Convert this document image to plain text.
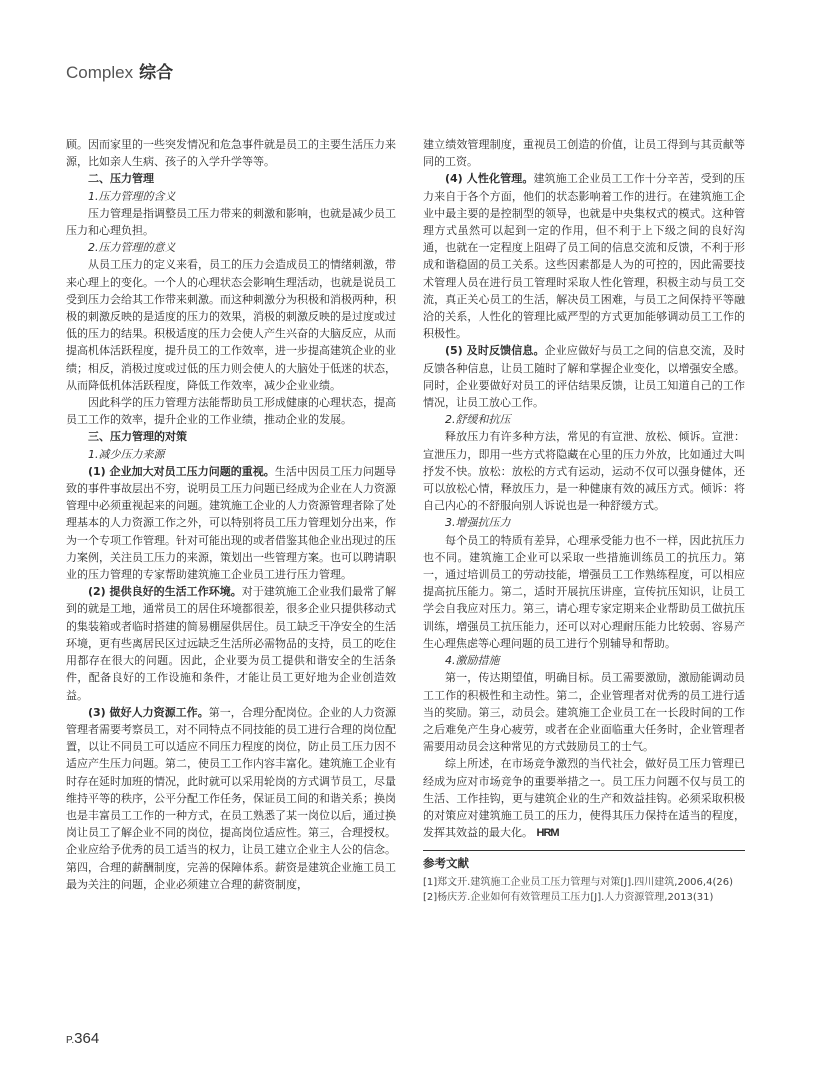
Complex 综合

顾。因而家里的一些突发情况和危急事件就是员工的主要生活压力来源，比如亲人生病、孩子的入学升学等等。

二、压力管理

1.压力管理的含义

压力管理是指调整员工压力带来的刺激和影响，也就是减少员工压力和心理负担。

2.压力管理的意义

从员工压力的定义来看，员工的压力会造成员工的情绪刺激，带来心理上的变化。一个人的心理状态会影响生理活动，也就是说员工受到压力会给其工作带来刺激。而这种刺激分为积极和消极两种，积极的刺激反映的是适度的压力的效果，消极的刺激反映的是过度或过低的压力的结果。积极适度的压力会使人产生兴奋的大脑反应，从而提高机体活跃程度，提升员工的工作效率，进一步提高建筑企业的业绩；相反，消极过度或过低的压力则会使人的大脑处于低迷的状态，从而降低机体活跃程度，降低工作效率，减少企业业绩。

因此科学的压力管理方法能帮助员工形成健康的心理状态，提高员工工作的效率，提升企业的工作业绩，推动企业的发展。

三、压力管理的对策

1.减少压力来源

(1) 企业加大对员工压力问题的重视。生活中因员工压力问题导致的事件事故层出不穷，说明员工压力问题已经成为企业在人力资源管理中必须重视起来的问题。建筑施工企业的人力资源管理者除了处理基本的人力资源工作之外，可以特别将员工压力管理划分出来，作为一个专项工作管理。针对可能出现的或者借鉴其他企业出现过的压力案例，关注员工压力的来源，策划出一些管理方案。也可以聘请职业的压力管理的专家帮助建筑施工企业员工进行压力管理。

(2) 提供良好的生活工作环境。对于建筑施工企业我们最常了解到的就是工地，通常员工的居住环境都很差，很多企业只提供移动式的集装箱或者临时搭建的简易棚屋供居住。员工缺乏干净安全的生活环境，更有些离居民区过远缺乏生活所必需物品的支持，员工的吃住用都存在很大的问题。因此，企业要为员工提供和谐安全的生活条件，配备良好的工作设施和条件，才能让员工更好地为企业创造效益。

(3) 做好人力资源工作。第一，合理分配岗位。企业的人力资源管理者需要考察员工，对不同特点不同技能的员工进行合理的岗位配置，以让不同员工可以适应不同压力程度的岗位，防止员工压力因不适应产生压力问题。第二，使员工工作内容丰富化。建筑施工企业有时存在延时加班的情况，此时就可以采用轮岗的方式调节员工，尽量维持平等的秩序，公平分配工作任务，保证员工间的和谐关系；换岗也是丰富员工工作的一种方式，在员工熟悉了某一岗位以后，通过换岗让员工了解企业不同的岗位，提高岗位适应性。第三，合理授权。企业应给予优秀的员工适当的权力，让员工建立企业主人公的信念。第四，合理的薪酬制度，完善的保障体系。薪资是建筑企业施工员工最为关注的问题，企业必须建立合理的薪资制度，

建立绩效管理制度，重视员工创造的价值，让员工得到与其贡献等同的工资。

(4) 人性化管理。建筑施工企业员工工作十分辛苦，受到的压力来自于各个方面，他们的状态影响着工作的进行。在建筑施工企业中最主要的是控制型的领导，也就是中央集权式的模式。这种管理方式虽然可以起到一定的作用，但不利于上下级之间的良好沟通，也就在一定程度上阻碍了员工间的信息交流和反馈，不利于形成和谐稳固的员工关系。这些因素都是人为的可控的，因此需要技术管理人员在进行员工管理时采取人性化管理，积极主动与员工交流，真正关心员工的生活，解决员工困难，与员工之间保持平等融洽的关系，人性化的管理比威严型的方式更加能够调动员工工作的积极性。

(5) 及时反馈信息。企业应做好与员工之间的信息交流，及时反馈各种信息，让员工随时了解和掌握企业变化，以增强安全感。同时，企业要做好对员工的评估结果反馈，让员工知道自己的工作情况，让员工放心工作。

2.舒缓和抗压

释放压力有许多种方法，常见的有宣泄、放松、倾诉。宣泄：宣泄压力，即用一些方式将隐藏在心里的压力外放，比如通过大叫抒发不快。放松：放松的方式有运动，运动不仅可以强身健体，还可以放松心情，释放压力，是一种健康有效的减压方式。倾诉：将自己内心的不舒服向别人诉说也是一种舒缓方式。

3.增强抗压力

每个员工的特质有差异，心理承受能力也不一样，因此抗压力也不同。建筑施工企业可以采取一些措施训练员工的抗压力。第一，通过培训员工的劳动技能，增强员工工作熟练程度，可以相应提高抗压能力。第二，适时开展抗压讲座，宣传抗压知识，让员工学会自我应对压力。第三，请心理专家定期来企业帮助员工做抗压训练，增强员工抗压能力，还可以对心理耐压能力比较弱、容易产生心理焦虑等心理问题的员工进行个别辅导和帮助。

4.激励措施

第一，传达期望值，明确目标。员工需要激励，激励能调动员工工作的积极性和主动性。第二，企业管理者对优秀的员工进行适当的奖励。第三，动员会。建筑施工企业员工在一长段时间的工作之后难免产生身心疲劳，或者在企业面临重大任务时，企业管理者需要用动员会这种常见的方式鼓励员工的士气。

综上所述，在市场竞争激烈的当代社会，做好员工压力管理已经成为应对市场竞争的重要举措之一。员工压力问题不仅与员工的生活、工作挂钩，更与建筑企业的生产和效益挂钩。必须采取积极的对策应对建筑施工员工的压力，使得其压力保持在适当的程度，发挥其效益的最大化。 HRM

参考文献
[1]郑文开.建筑施工企业员工压力管理与对策[J].四川建筑,2006,4(26)
[2]杨庆芳.企业如何有效管理员工压力[J].人力资源管理,2013(31)
P.364
